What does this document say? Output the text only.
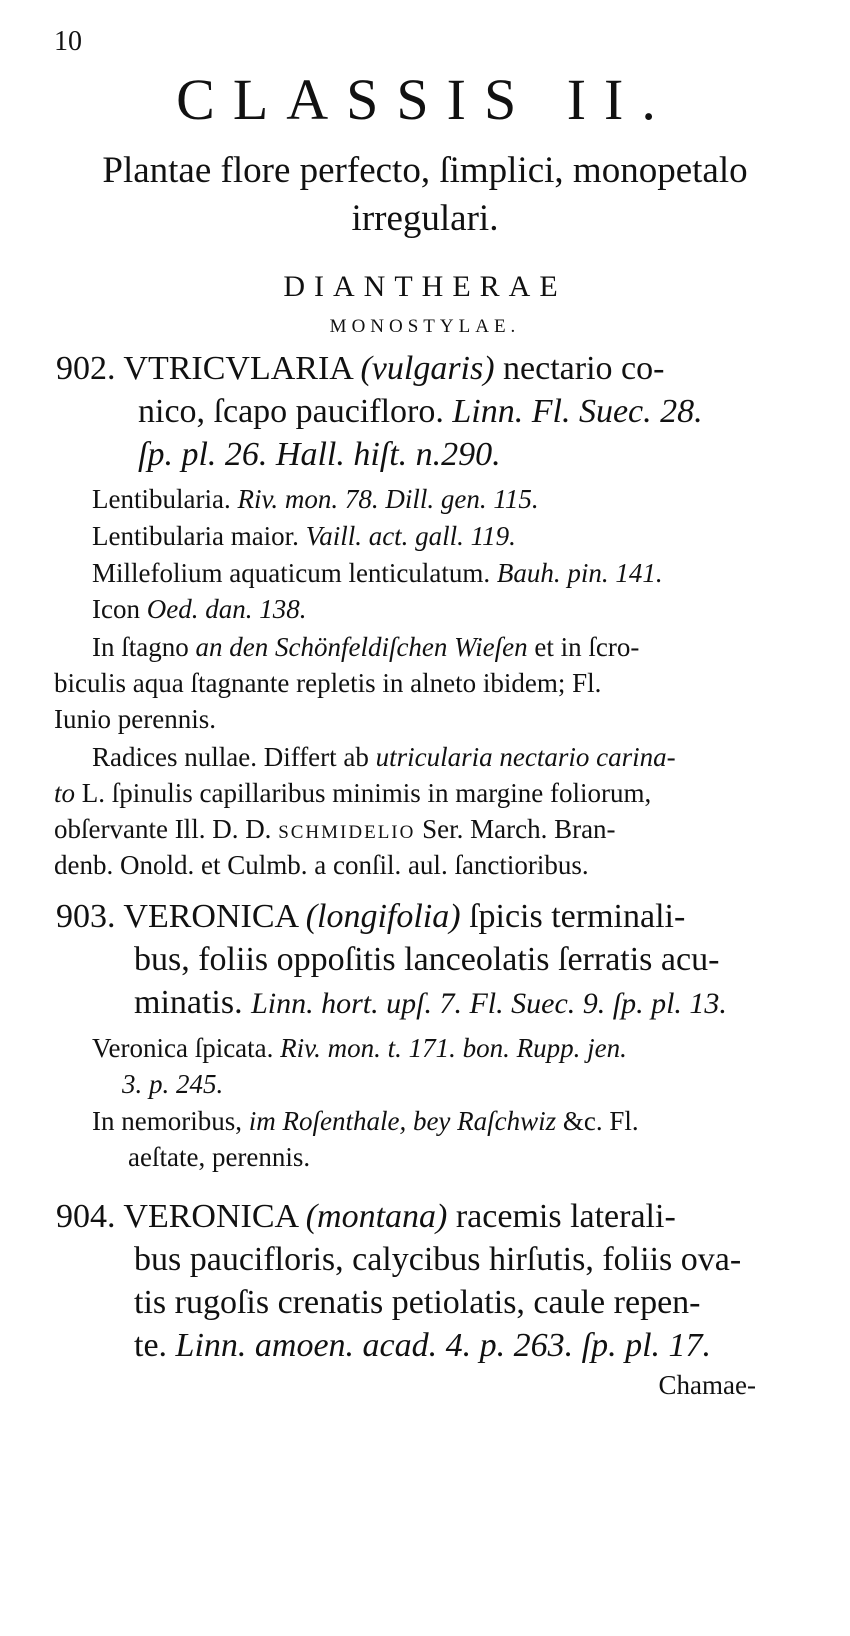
10
CLASSIS II.
Plantae flore perfecto, ſimplici, monopetalo
irregulari.
DIANTHERAE
MONOSTYLAE.
902. VTRICVLARIA (vulgaris) nectario co-
nico, ſcapo paucifloro. Linn. Fl. Suec. 28.
ſp. pl. 26. Hall. hiſt. n.290.
Lentibularia. Riv. mon. 78. Dill. gen. 115.
Lentibularia maior. Vaill. act. gall. 119.
Millefolium aquaticum lenticulatum. Bauh. pin. 141.
Icon Oed. dan. 138.
In ſtagno an den Schönfeldiſchen Wieſen et in ſcro-
biculis aqua ſtagnante repletis in alneto ibidem; Fl.
Iunio perennis.
Radices nullae. Differt ab utricularia nectario carina-
to L. ſpinulis capillaribus minimis in margine foliorum,
obſervante Ill. D. D. SCHMIDELIO Ser. March. Bran-
denb. Onold. et Culmb. a conſil. aul. ſanctioribus.
903. VERONICA (longifolia) ſpicis terminali-
bus, foliis oppoſitis lanceolatis ſerratis acu-
minatis. Linn. hort. upſ. 7. Fl. Suec. 9. ſp. pl. 13.
Veronica ſpicata. Riv. mon. t. 171. bon. Rupp. jen.
3. p. 245.
In nemoribus, im Roſenthale, bey Raſchwiz &c. Fl.
aeſtate, perennis.
904. VERONICA (montana) racemis laterali-
bus paucifloris, calycibus hirſutis, foliis ova-
tis rugoſis crenatis petiolatis, caule repen-
te. Linn. amoen. acad. 4. p. 263. ſp. pl. 17.
Chamae-
